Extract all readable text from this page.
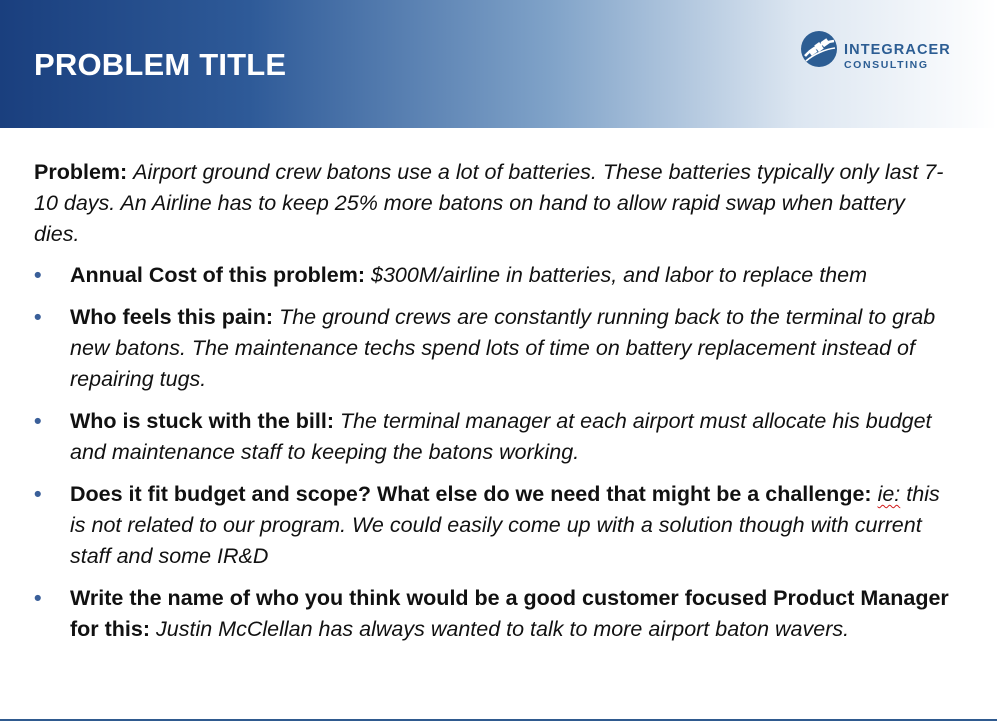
PROBLEM TITLE	INTEGRACER
CONSULTING
Problem: Airport ground crew batons use a lot of batteries. These batteries typically only last 7-10 days. An Airline has to keep 25% more batons on hand to allow rapid swap when battery dies.
• Annual Cost of this problem: $300M/airline in batteries, and labor to replace them
• Who feels this pain: The ground crews are constantly running back to the terminal to grab new batons. The maintenance techs spend lots of time on battery replacement instead of repairing tugs.
• Who is stuck with the bill: The terminal manager at each airport must allocate his budget and maintenance staff to keeping the batons working.
• Does it fit budget and scope? What else do we need that might be a challenge: ie: this is not related to our program. We could easily come up with a solution though with current staff and some IR&D
• Write the name of who you think would be a good customer focused Product Manager for this: Justin McClellan has always wanted to talk to more airport baton wavers.
